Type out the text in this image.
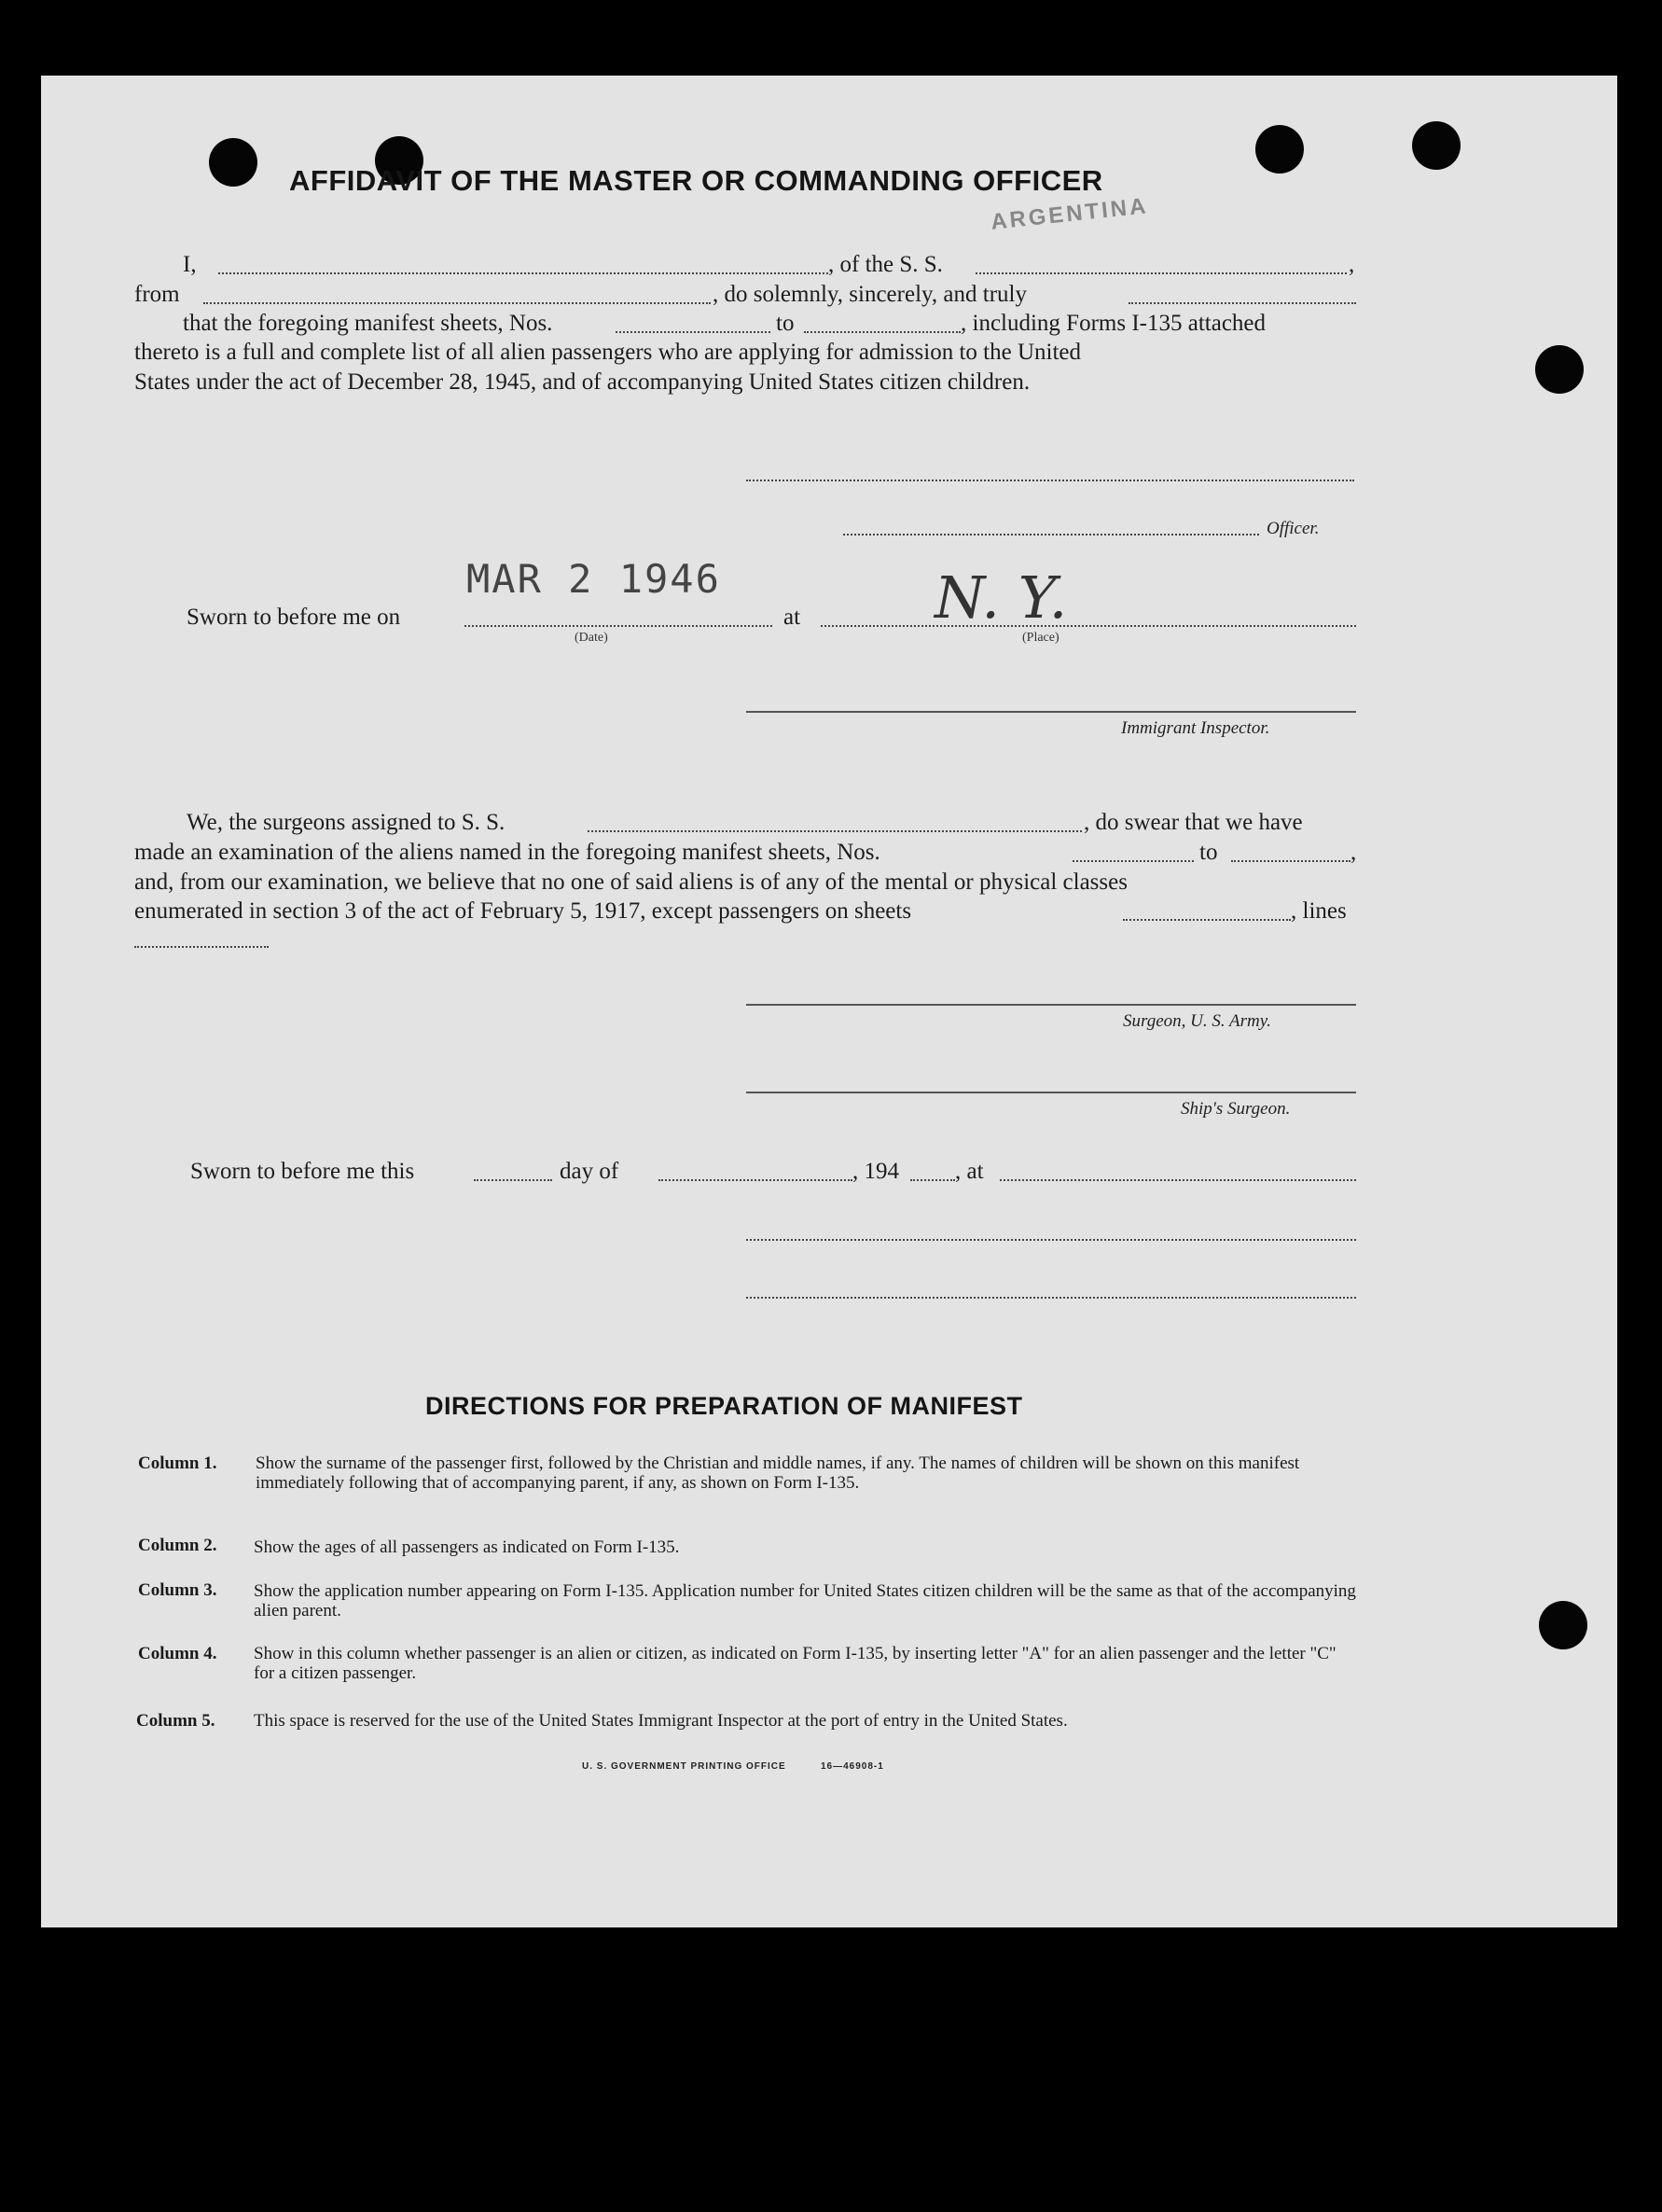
AFFIDAVIT OF THE MASTER OR COMMANDING OFFICER
ARGENTINA
I,	, of the S. S.	,
from	, do solemnly, sincerely, and truly
that the foregoing manifest sheets, Nos.	to	, including Forms I-135 attached
thereto is a full and complete list of all alien passengers who are applying for admission to the United
States under the act of December 28, 1945, and of accompanying United States citizen children.
Officer.
MAR 2 1946
Sworn to before me on
(Date)
at N. Y.
(Place)
Immigrant Inspector.
We, the surgeons assigned to S. S.	, do swear that we have
made an examination of the aliens named in the foregoing manifest sheets, Nos.	to	,
and, from our examination, we believe that no one of said aliens is of any of the mental or physical classes
enumerated in section 3 of the act of February 5, 1917, except passengers on sheets	, lines
Surgeon, U. S. Army.
Ship's Surgeon.
Sworn to before me this	day of	, 194 , at
DIRECTIONS FOR PREPARATION OF MANIFEST
Column 1. Show the surname of the passenger first, followed by the Christian and middle names, if any. The names of children will be shown on this manifest immediately following that of accompanying parent, if any, as shown on Form I-135.
Column 2. Show the ages of all passengers as indicated on Form I-135.
Column 3. Show the application number appearing on Form I-135. Application number for United States citizen children will be the same as that of the accompanying alien parent.
Column 4. Show in this column whether passenger is an alien or citizen, as indicated on Form I-135, by inserting letter "A" for an alien passenger and the letter "C" for a citizen passenger.
Column 5. This space is reserved for the use of the United States Immigrant Inspector at the port of entry in the United States.
U. S. GOVERNMENT PRINTING OFFICE	16—46908-1
